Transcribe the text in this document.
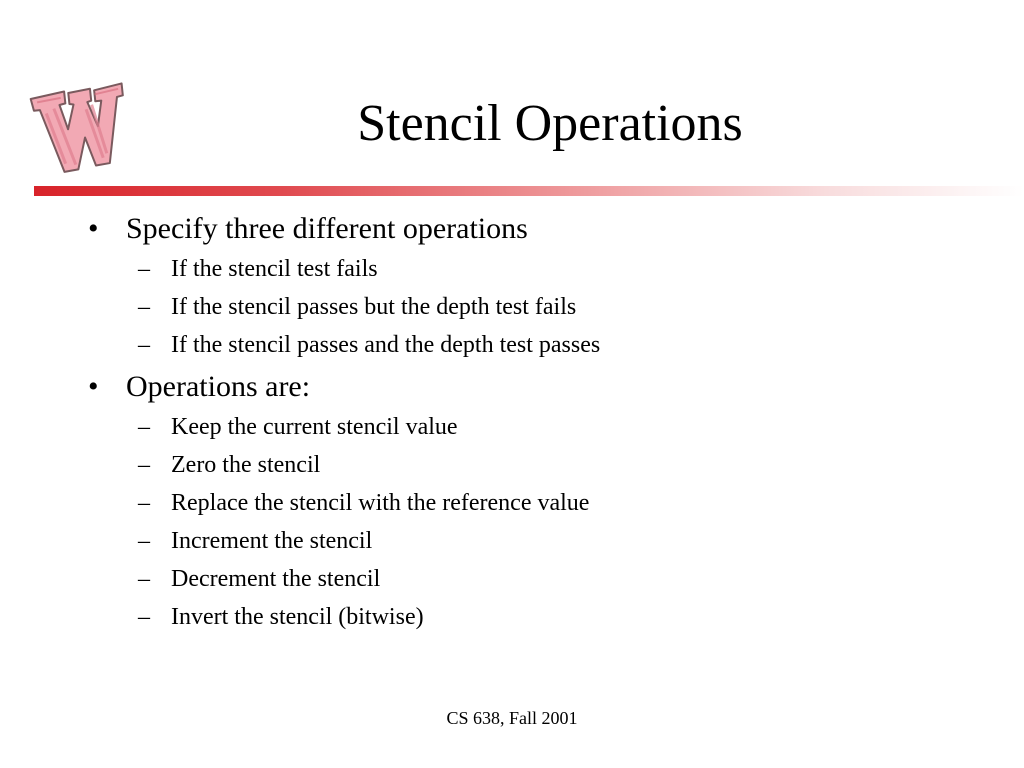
Stencil Operations
• Specify three different operations
– If the stencil test fails
– If the stencil passes but the depth test fails
– If the stencil passes and the depth test passes
• Operations are:
– Keep the current stencil value
– Zero the stencil
– Replace the stencil with the reference value
– Increment the stencil
– Decrement the stencil
– Invert the stencil (bitwise)
CS 638, Fall 2001
